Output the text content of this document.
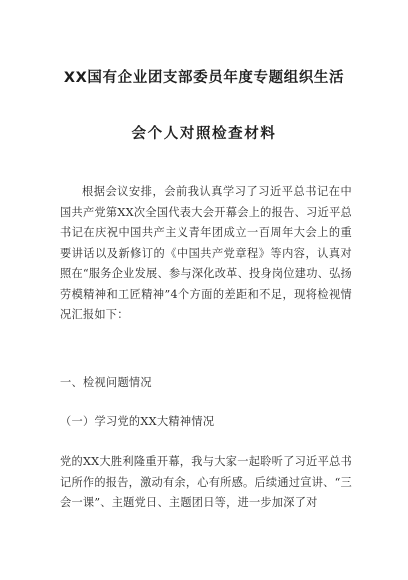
XX国有企业团支部委员年度专题组织生活
会个人对照检查材料

根据会议安排，会前我认真学习了习近平总书记在中国共产党第XX次全国代表大会开幕会上的报告、习近平总书记在庆祝中国共产主义青年团成立一百周年大会上的重要讲话以及新修订的《中国共产党章程》等内容，认真对照在“服务企业发展、参与深化改革、投身岗位建功、弘扬劳模精神和工匠精神”4个方面的差距和不足，现将检视情况汇报如下：

一、检视问题情况

（一）学习党的XX大精神情况

党的XX大胜利隆重开幕，我与大家一起聆听了习近平总书记所作的报告，激动有余，心有所感。后续通过宣讲、“三会一课”、主题党日、主题团日等，进一步加深了对
